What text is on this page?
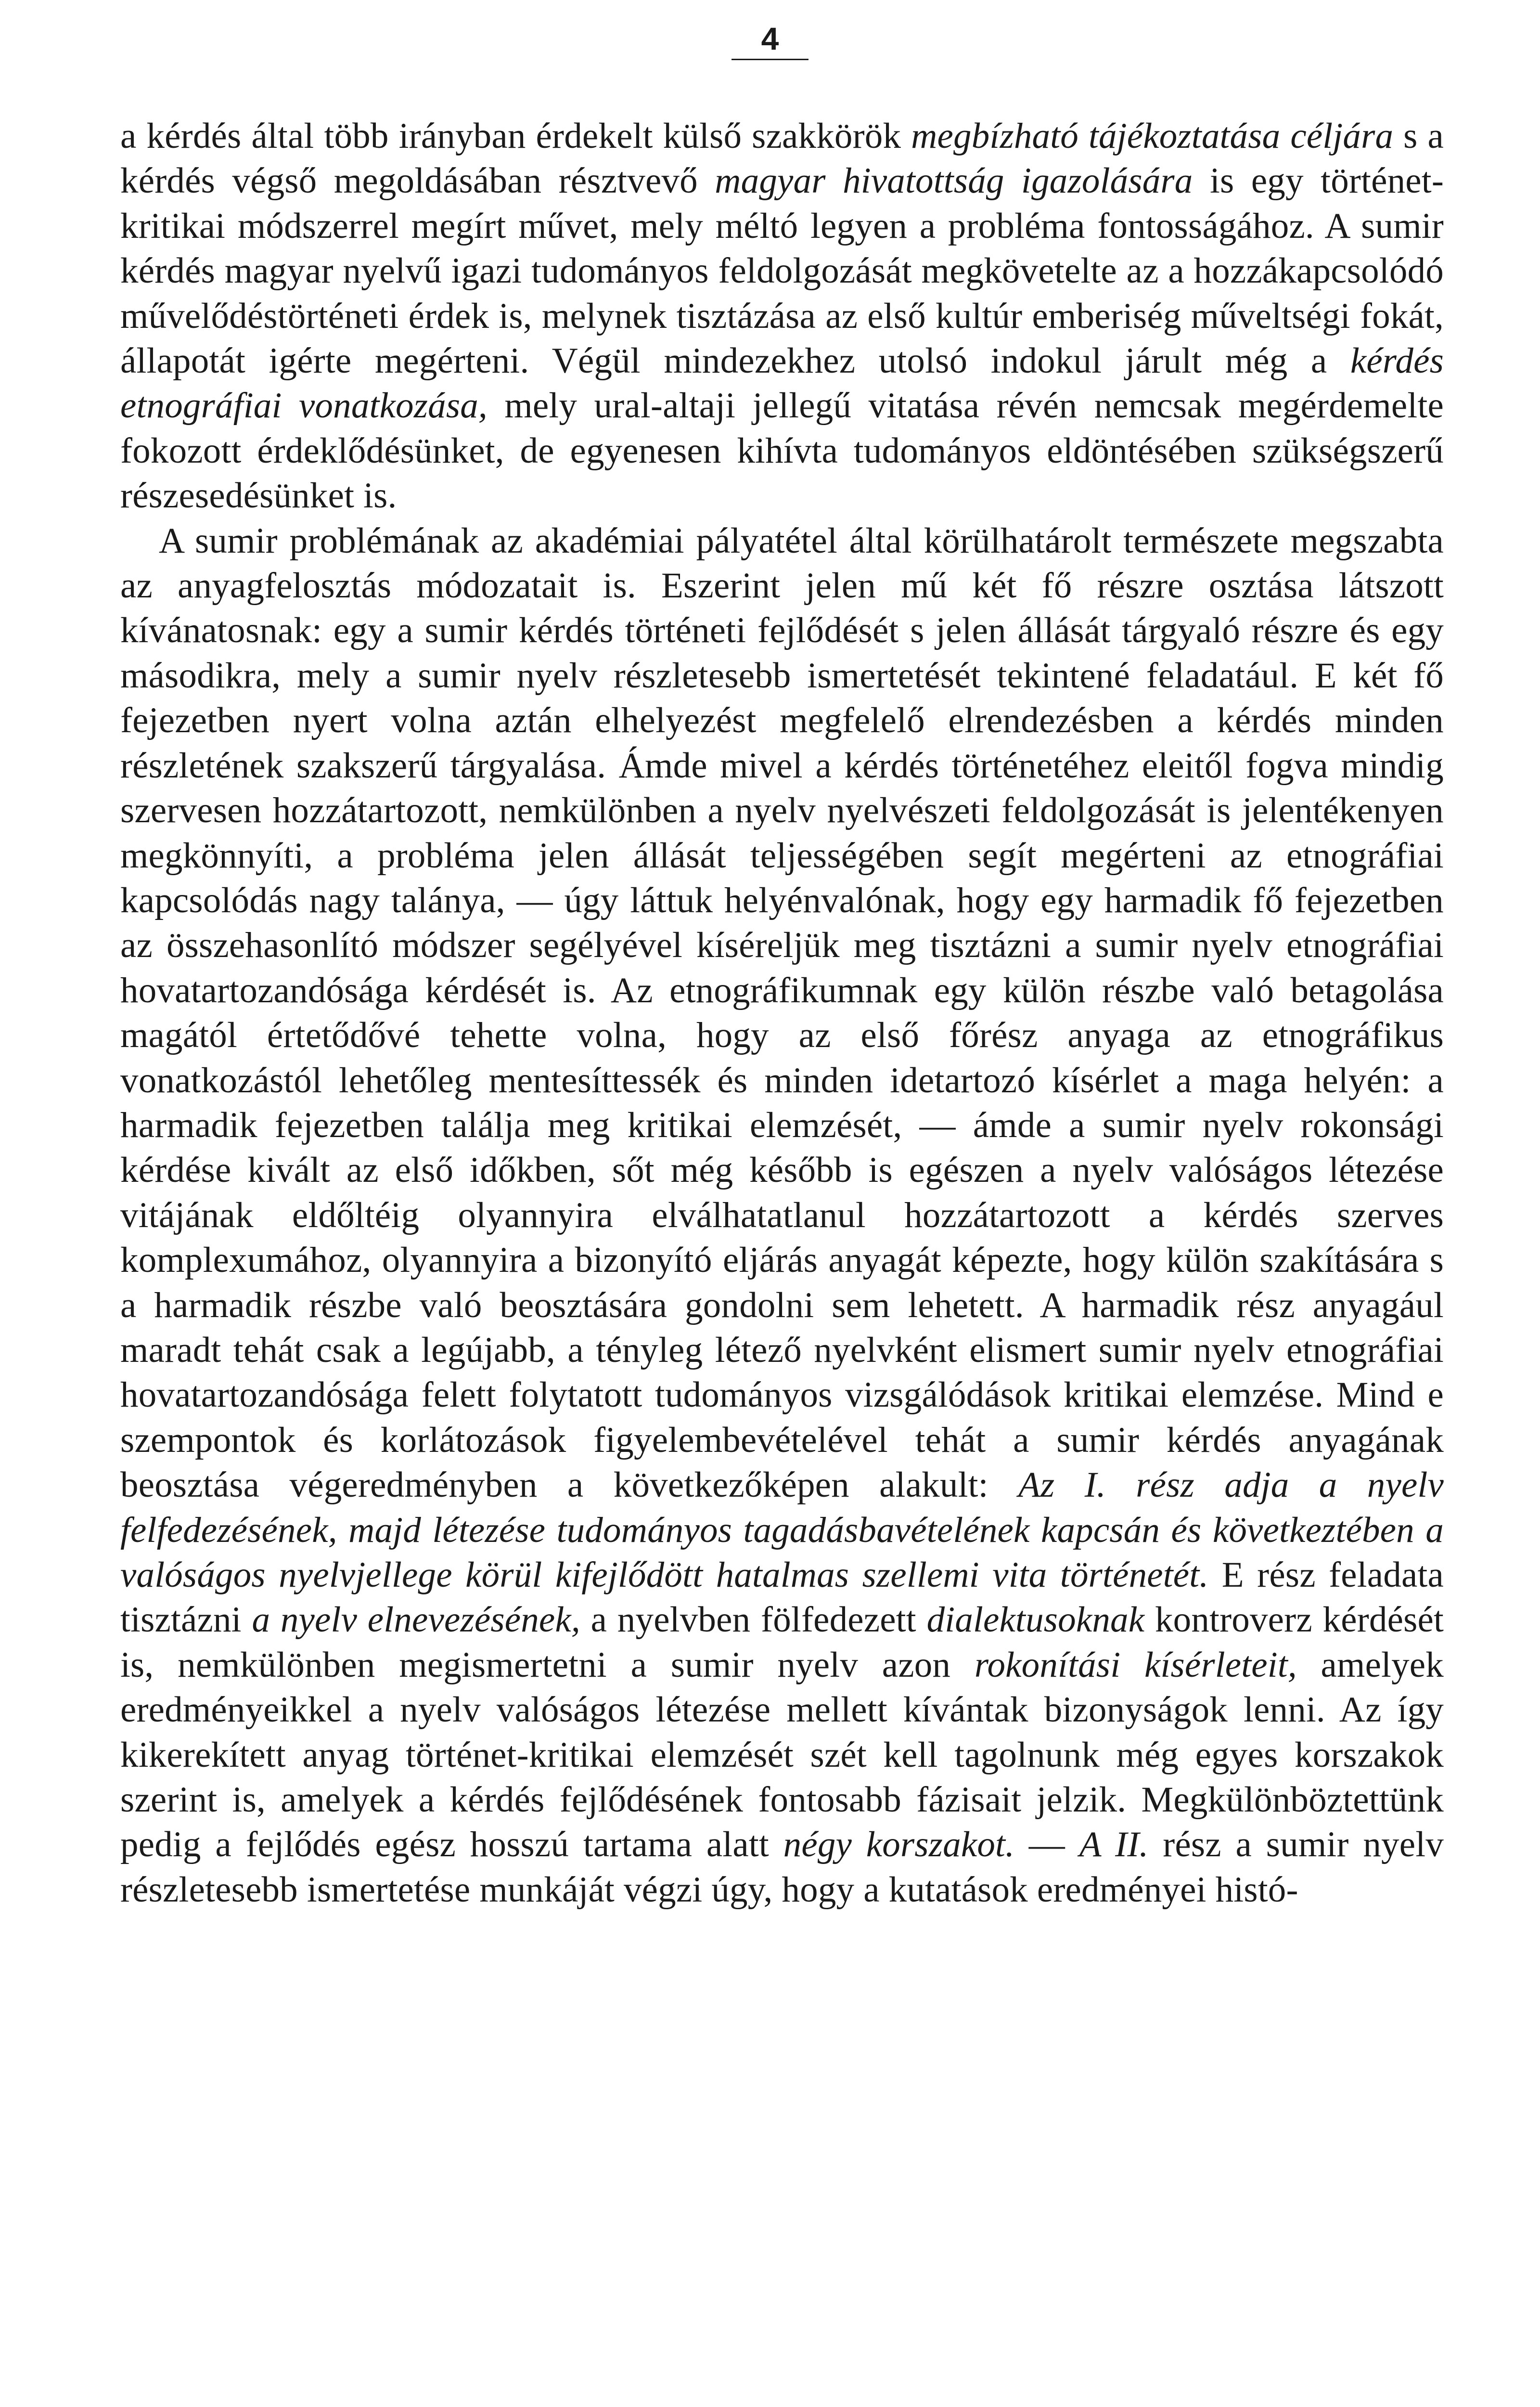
4

a kérdés által több irányban érdekelt külső szakkörök megbízható tájékoztatása céljára s a kérdés végső megoldásában résztvevő magyar hivatottság igazolására is egy történet-kritikai módszerrel megírt művet, mely méltó legyen a probléma fontosságához. A sumir kérdés magyar nyelvű igazi tudományos feldolgozását megkövetelte az a hozzákapcsolódó művelődéstörténeti érdek is, melynek tisztázása az első kultúr emberiség műveltségi fokát, állapotát igérte megérteni. Végül mindezekhez utolsó indokul járult még a kérdés etnográfiai vonatkozása, mely ural-altaji jellegű vitatása révén nemcsak megérdemelte fokozott érdeklődésünket, de egyenesen kihívta tudományos eldöntésében szükségszerű részesedésünket is.

A sumir problémának az akadémiai pályatétel által körülhatárolt természete megszabta az anyagfelosztás módozatait is. Eszerint jelen mű két fő részre osztása látszott kívánatosnak: egy a sumir kérdés történeti fejlődését s jelen állását tárgyaló részre és egy másodikra, mely a sumir nyelv részletesebb ismertetését tekintené feladatául. E két fő fejezetben nyert volna aztán elhelyezést megfelelő elrendezésben a kérdés minden részletének szakszerű tárgyalása. Ámde mivel a kérdés történetéhez eleitől fogva mindig szervesen hozzátartozott, nemkülönben a nyelv nyelvészeti feldolgozását is jelentékenyen megkönnyíti, a probléma jelen állását teljességében segít megérteni az etnográfiai kapcsolódás nagy talánya, — úgy láttuk helyénvalónak, hogy egy harmadik fő fejezetben az összehasonlító módszer segélyével kíséreljük meg tisztázni a sumir nyelv etnográfiai hovatartozandósága kérdését is. Az etnográfikumnak egy külön részbe való betagolása magától értetődővé tehette volna, hogy az első főrész anyaga az etnográfikus vonatkozástól lehetőleg mentesíttessék és minden idetartozó kísérlet a maga helyén: a harmadik fejezetben találja meg kritikai elemzését, — ámde a sumir nyelv rokonsági kérdése kivált az első időkben, sőt még később is egészen a nyelv valóságos létezése vitájának eldőltéig olyannyira elválhatatlanul hozzátartozott a kérdés szerves komplexumához, olyannyira a bizonyító eljárás anyagát képezte, hogy külön szakítására s a harmadik részbe való beosztására gondolni sem lehetett. A harmadik rész anyagául maradt tehát csak a legújabb, a tényleg létező nyelvként elismert sumir nyelv etnográfiai hovatartozandósága felett folytatott tudományos vizsgálódások kritikai elemzése. Mind e szempontok és korlátozások figyelembevételével tehát a sumir kérdés anyagának beosztása végeredményben a következőképen alakult: Az I. rész adja a nyelv felfedezésének, majd létezése tudományos tagadásbavételének kapcsán és következtében a valóságos nyelvjellege körül kifejlődött hatalmas szellemi vita történetét. E rész feladata tisztázni a nyelv elnevezésének, a nyelvben fölfedezett dialektusoknak kontroverz kérdését is, nemkülönben megismertetni a sumir nyelv azon rokonítási kísérleteit, amelyek eredményeikkel a nyelv valóságos létezése mellett kívántak bizonyságok lenni. Az így kikerekített anyag történet-kritikai elemzését szét kell tagolnunk még egyes korszakok szerint is, amelyek a kérdés fejlődésének fontosabb fázisait jelzik. Megkülönböztettünk pedig a fejlődés egész hosszú tartama alatt négy korszakot. — A II. rész a sumir nyelv részletesebb ismertetése munkáját végzi úgy, hogy a kutatások eredményei histó-
